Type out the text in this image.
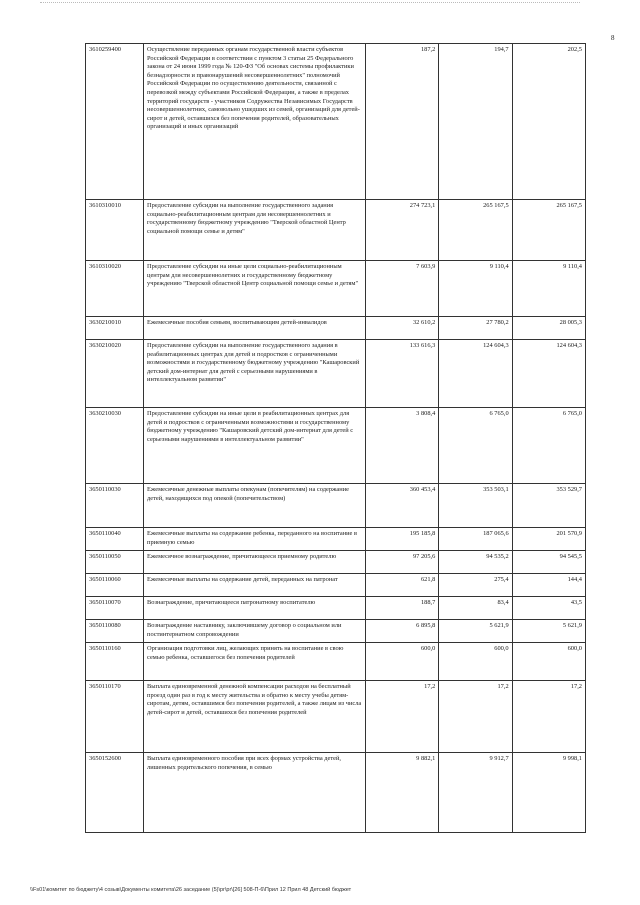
8
3610259400	Осуществление переданных органам государственной власти субъектов Российской Федерации в соответствии с пунктом 3 статьи 25 Федерального закона от 24 июня 1999 года № 120-ФЗ "Об основах системы профилактики безнадзорности и правонарушений несовершеннолетних" полномочий Российской Федерации по осуществлению деятельности, связанной с перевозкой между субъектами Российской Федерации, а также в пределах территорий государств - участников Содружества Независимых Государств несовершеннолетних, самовольно ушедших из семей, организаций для детей-сирот и детей, оставшихся без попечения родителей, образовательных организаций и иных организаций	187,2	194,7	202,5
3610310010	Предоставление субсидии на выполнение государственного задания социально-реабилитационным центрам для несовершеннолетних и государственному бюджетному учреждению "Тверской областной Центр социальной помощи семье и детям"	274 723,1	265 167,5	265 167,5
3610310020	Предоставление субсидии на иные цели социально-реабилитационным центрам для несовершеннолетних и государственному бюджетному учреждению "Тверской областной Центр социальной помощи семье и детям"	7 603,9	9 110,4	9 110,4
3630210010	Ежемесячные пособия семьям, воспитывающим детей-инвалидов	32 610,2	27 780,2	28 005,3
3630210020	Предоставление субсидии на выполнение государственного задания в реабилитационных центрах для детей и подростков с ограниченными возможностями и государственному бюджетному учреждению "Кашаровский детский дом-интернат для детей с серьезными нарушениями в интеллектуальном развитии"	133 616,3	124 604,3	124 604,3
3630210030	Предоставление субсидии на иные цели в реабилитационных центрах для детей и подростков с ограниченными возможностями и государственному бюджетному учреждению "Кашаровский детский дом-интернат для детей с серьезными нарушениями в интеллектуальном развитии"	3 808,4	6 765,0	6 765,0
3650110030	Ежемесячные денежные выплаты опекунам (попечителям) на содержание детей, находящихся под опекой (попечительством)	360 453,4	353 503,1	353 529,7
3650110040	Ежемесячные выплаты на содержание ребенка, переданного на воспитание в приемную семью	195 185,8	187 065,6	201 570,9
3650110050	Ежемесячное вознаграждение, причитающееся приемному родителю	97 205,6	94 535,2	94 545,5
3650110060	Ежемесячные выплаты на содержание детей, переданных на патронат	621,8	275,4	144,4
3650110070	Вознаграждение, причитающееся патронатному воспитателю	188,7	83,4	43,5
3650110080	Вознаграждение наставнику, заключившему договор о социальном или постинтернатном сопровождении	6 895,8	5 621,9	5 621,9
3650110160	Организация подготовки лиц, желающих принять на воспитание в свою семью ребенка, оставшегося без попечения родителей	600,0	600,0	600,0
3650110170	Выплата единовременной денежной компенсации расходов на бесплатный проезд один раз в год к месту жительства и обратно к месту учебы детям-сиротам, детям, оставшимся без попечения родителей, а также лицам из числа детей-сирот и детей, оставшихся без попечения родителей	17,2	17,2	17,2
3650152600	Выплата единовременного пособия при всех формах устройства детей, лишенных родительского попечения, в семью	9 882,1	9 912,7	9 998,1
\\Fs01\комитет по бюджету\4 созыв\Документы комитета\26 заседание (5)\pr\pr\[26] 508-П-6\Прил 12 Прил 48 Детский бюджет
